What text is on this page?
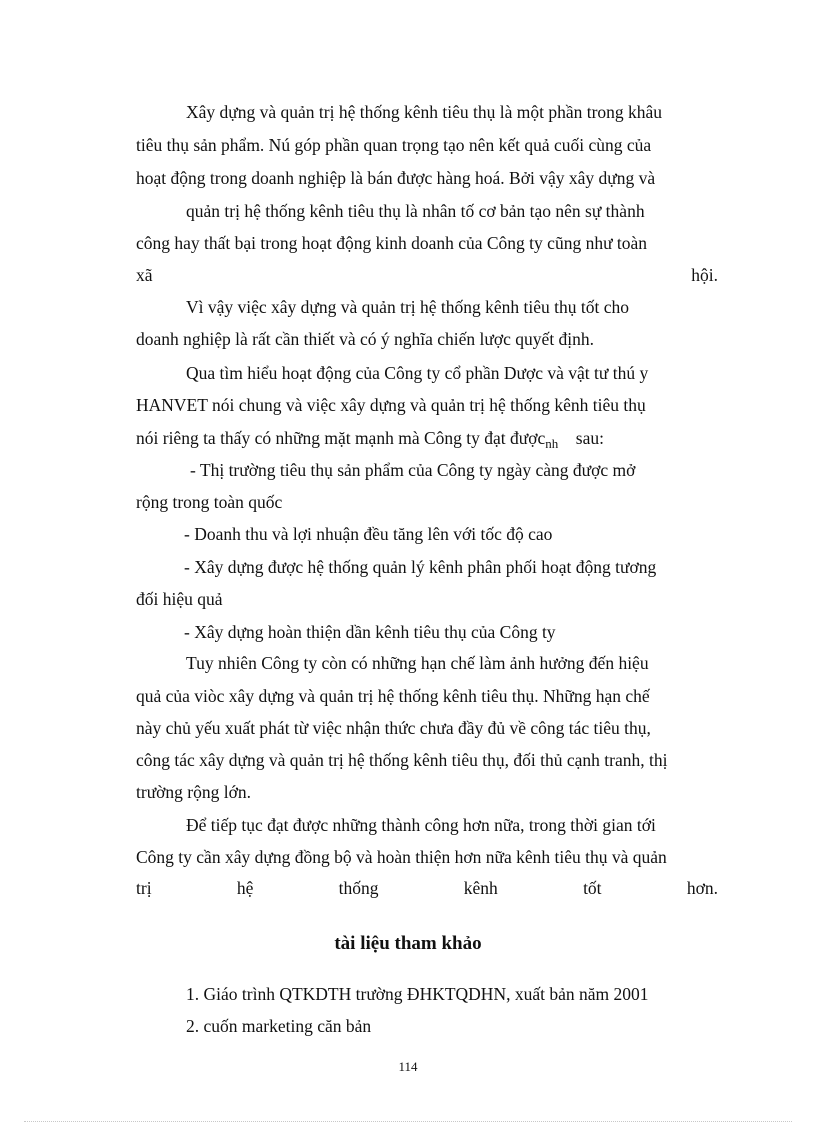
Xây dựng và quản trị hệ thống kênh tiêu thụ là một phần trong khâu
tiêu thụ sản phẩm. Nú góp phần quan trọng tạo nên kết quả cuối cùng của
hoạt động trong doanh nghiệp là bán được hàng hoá. Bởi vậy xây dựng và
quản trị hệ thống kênh tiêu thụ là nhân tố cơ bản tạo nên sự thành
công hay thất bại trong hoạt động kinh doanh của Công ty cũng như toàn
xã	hội.
Vì vậy việc xây dựng và quản trị hệ thống kênh tiêu thụ tốt cho
doanh nghiệp là rất cần thiết và có ý nghĩa chiến lược quyết định.
Qua tìm hiểu hoạt động của Công ty cổ phần Dược và vật tư thú y
HANVET nói chung và việc xây dựng và quản trị hệ thống kênh tiêu thụ
nói riêng ta thấy có những mặt mạnh mà Công ty đạt được$_{nh}$ sau:
- Thị trường tiêu thụ sản phẩm của Công ty ngày càng được mở
rộng trong toàn quốc
- Doanh thu và lợi nhuận đều tăng lên với tốc độ cao
- Xây dựng được hệ thống quản lý kênh phân phối hoạt động tương
đối hiệu quả
- Xây dựng hoàn thiện dần kênh tiêu thụ của Công ty
Tuy nhiên Công ty còn có những hạn chế làm ảnh hưởng đến hiệu
quả của viòc xây dựng và quản trị hệ thống kênh tiêu thụ. Những hạn chế
này chủ yếu xuất phát từ việc nhận thức chưa đầy đủ về công tác tiêu thụ,
công tác xây dựng và quản trị hệ thống kênh tiêu thụ, đối thủ cạnh tranh, thị
trường rộng lớn.
Để tiếp tục đạt được những thành công hơn nữa, trong thời gian tới
Công ty cần xây dựng đồng bộ và hoàn thiện hơn nữa kênh tiêu thụ và quản
trị	hệ	thống	kênh	tốt	hơn.
tài liệu tham khảo
1. Giáo trình QTKDTH trường ĐHKTQDHN, xuất bản năm 2001
2. cuốn marketing căn bản
114
